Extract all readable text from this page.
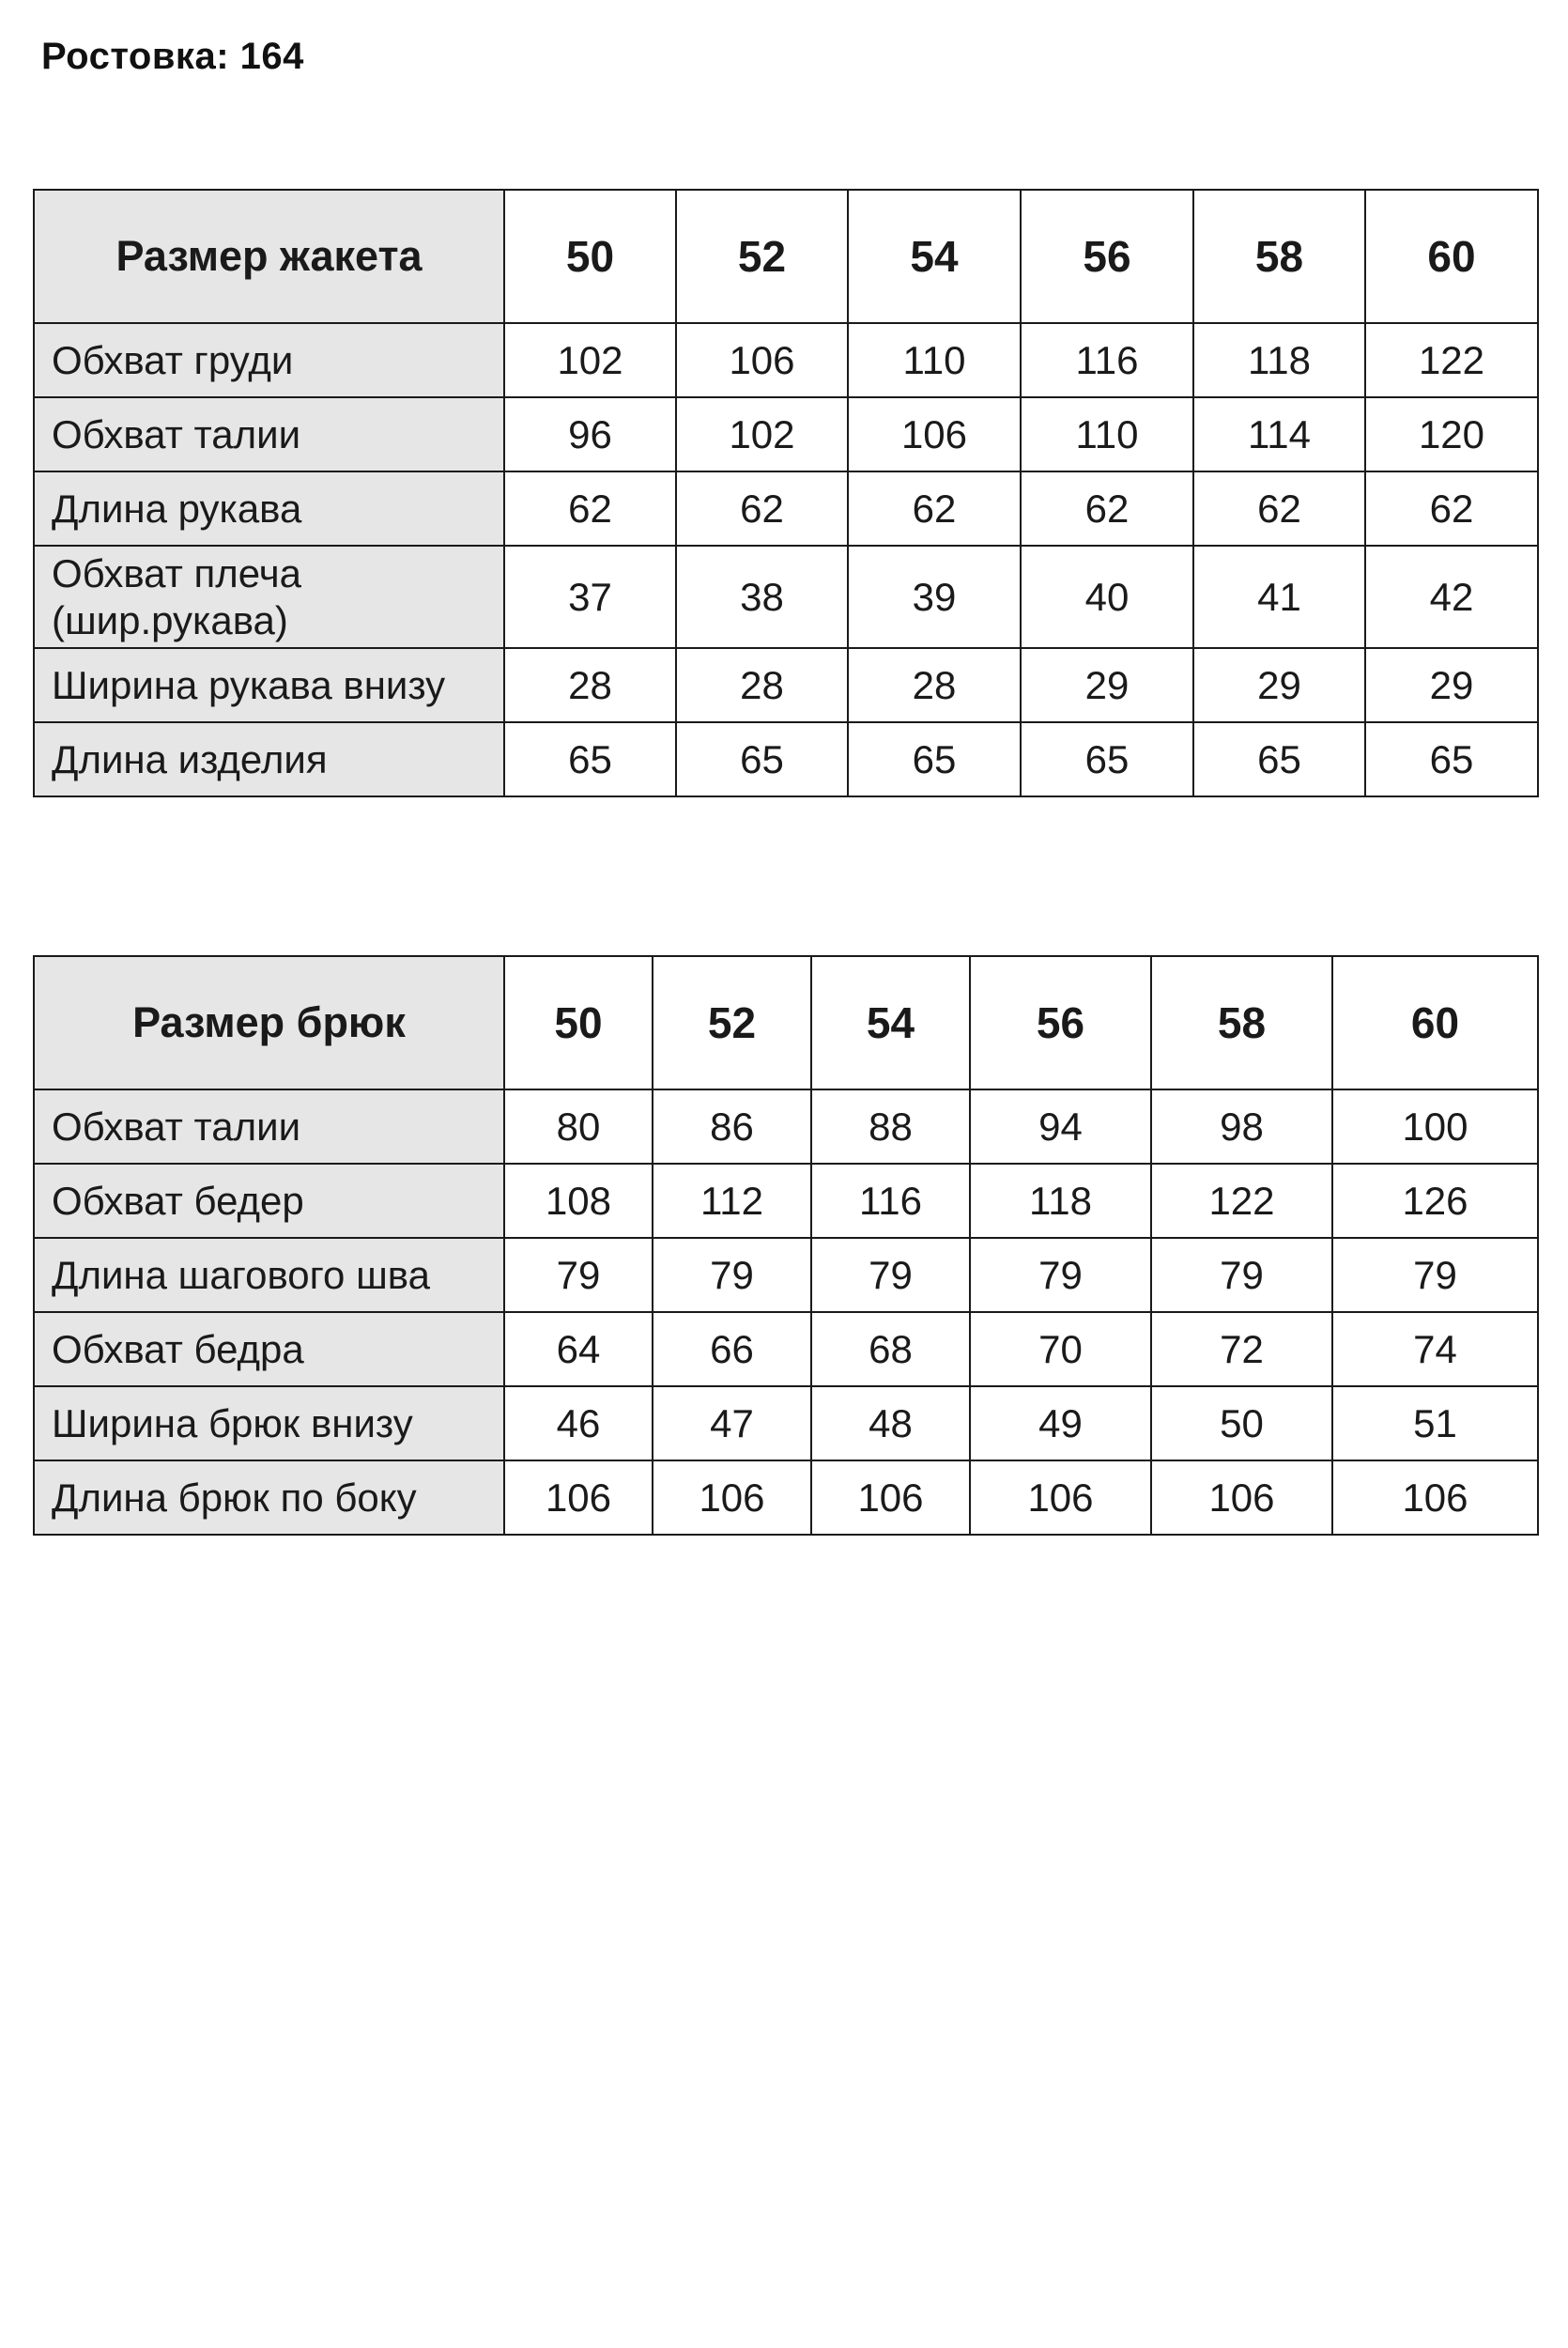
Ростовка: 164
Размер жакета	50	52	54	56	58	60
Обхват груди	102	106	110	116	118	122
Обхват талии	96	102	106	110	114	120
Длина рукава	62	62	62	62	62	62
Обхват плеча (шир.рукава)	37	38	39	40	41	42
Ширина рукава внизу	28	28	28	29	29	29
Длина изделия	65	65	65	65	65	65
Размер брюк	50	52	54	56	58	60
Обхват талии	80	86	88	94	98	100
Обхват бедер	108	112	116	118	122	126
Длина шагового шва	79	79	79	79	79	79
Обхват бедра	64	66	68	70	72	74
Ширина брюк внизу	46	47	48	49	50	51
Длина брюк по боку	106	106	106	106	106	106
